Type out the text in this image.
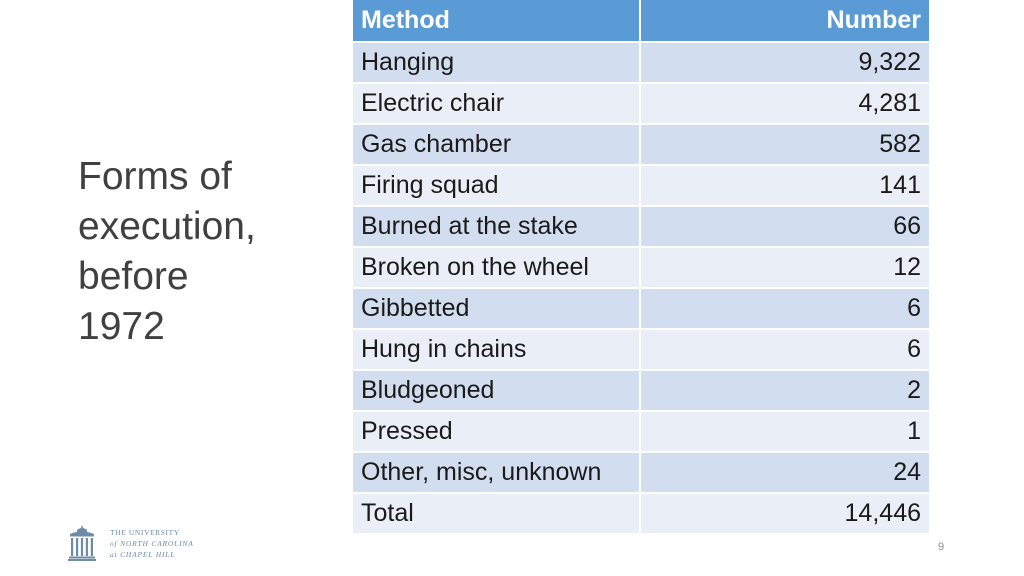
Forms of
execution,
before
1972
Method	Number
Hanging	9,322
Electric chair	4,281
Gas chamber	582
Firing squad	141
Burned at the stake	66
Broken on the wheel	12
Gibbetted	6
Hung in chains	6
Bludgeoned	2
Pressed	1
Other, misc, unknown	24
Total	14,446
THE UNIVERSITY
of NORTH CAROLINA
at CHAPEL HILL
9
